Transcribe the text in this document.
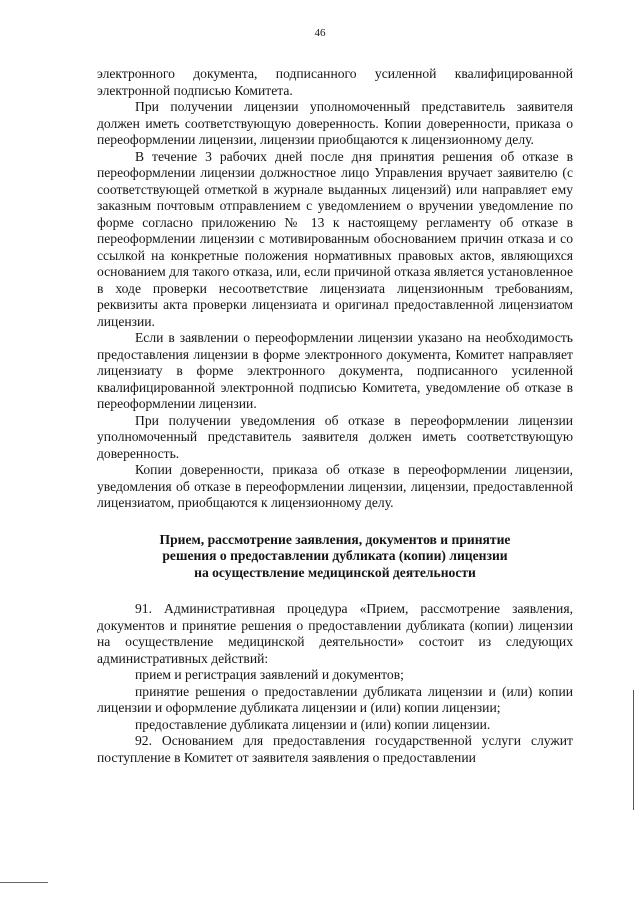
46

электронного документа, подписанного усиленной квалифицированной электронной подписью Комитета.

При получении лицензии уполномоченный представитель заявителя должен иметь соответствующую доверенность. Копии доверенности, приказа о переоформлении лицензии, лицензии приобщаются к лицензионному делу.

В течение 3 рабочих дней после дня принятия решения об отказе в переоформлении лицензии должностное лицо Управления вручает заявителю (с соответствующей отметкой в журнале выданных лицензий) или направляет ему заказным почтовым отправлением с уведомлением о вручении уведомление по форме согласно приложению № 13 к настоящему регламенту об отказе в переоформлении лицензии с мотивированным обоснованием причин отказа и со ссылкой на конкретные положения нормативных правовых актов, являющихся основанием для такого отказа, или, если причиной отказа является установленное в ходе проверки несоответствие лицензиата лицензионным требованиям, реквизиты акта проверки лицензиата и оригинал предоставленной лицензиатом лицензии.

Если в заявлении о переоформлении лицензии указано на необходимость предоставления лицензии в форме электронного документа, Комитет направляет лицензиату в форме электронного документа, подписанного усиленной квалифицированной электронной подписью Комитета, уведомление об отказе в переоформлении лицензии.

При получении уведомления об отказе в переоформлении лицензии уполномоченный представитель заявителя должен иметь соответствующую доверенность.

Копии доверенности, приказа об отказе в переоформлении лицензии, уведомления об отказе в переоформлении лицензии, лицензии, предоставленной лицензиатом, приобщаются к лицензионному делу.

Прием, рассмотрение заявления, документов и принятие
решения о предоставлении дубликата (копии) лицензии
на осуществление медицинской деятельности

91. Административная процедура «Прием, рассмотрение заявления, документов и принятие решения о предоставлении дубликата (копии) лицензии на осуществление медицинской деятельности» состоит из следующих административных действий:

прием и регистрация заявлений и документов;

принятие решения о предоставлении дубликата лицензии и (или) копии лицензии и оформление дубликата лицензии и (или) копии лицензии;

предоставление дубликата лицензии и (или) копии лицензии.

92. Основанием для предоставления государственной услуги служит поступление в Комитет от заявителя заявления о предоставлении
